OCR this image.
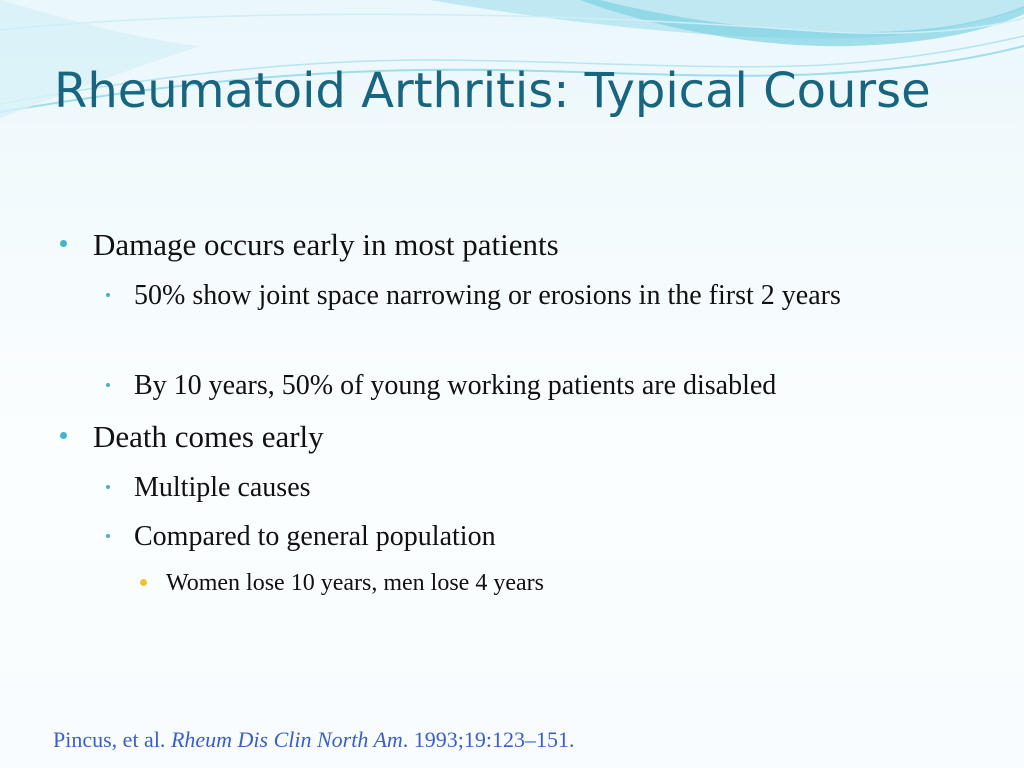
Rheumatoid Arthritis: Typical Course

Damage occurs early in most patients

50% show joint space narrowing or erosions in the first 2 years

By 10 years, 50% of young working patients are disabled

Death comes early

Multiple causes

Compared to general population

Women lose 10 years, men lose 4 years

Pincus, et al. Rheum Dis Clin North Am. 1993;19:123–151.
